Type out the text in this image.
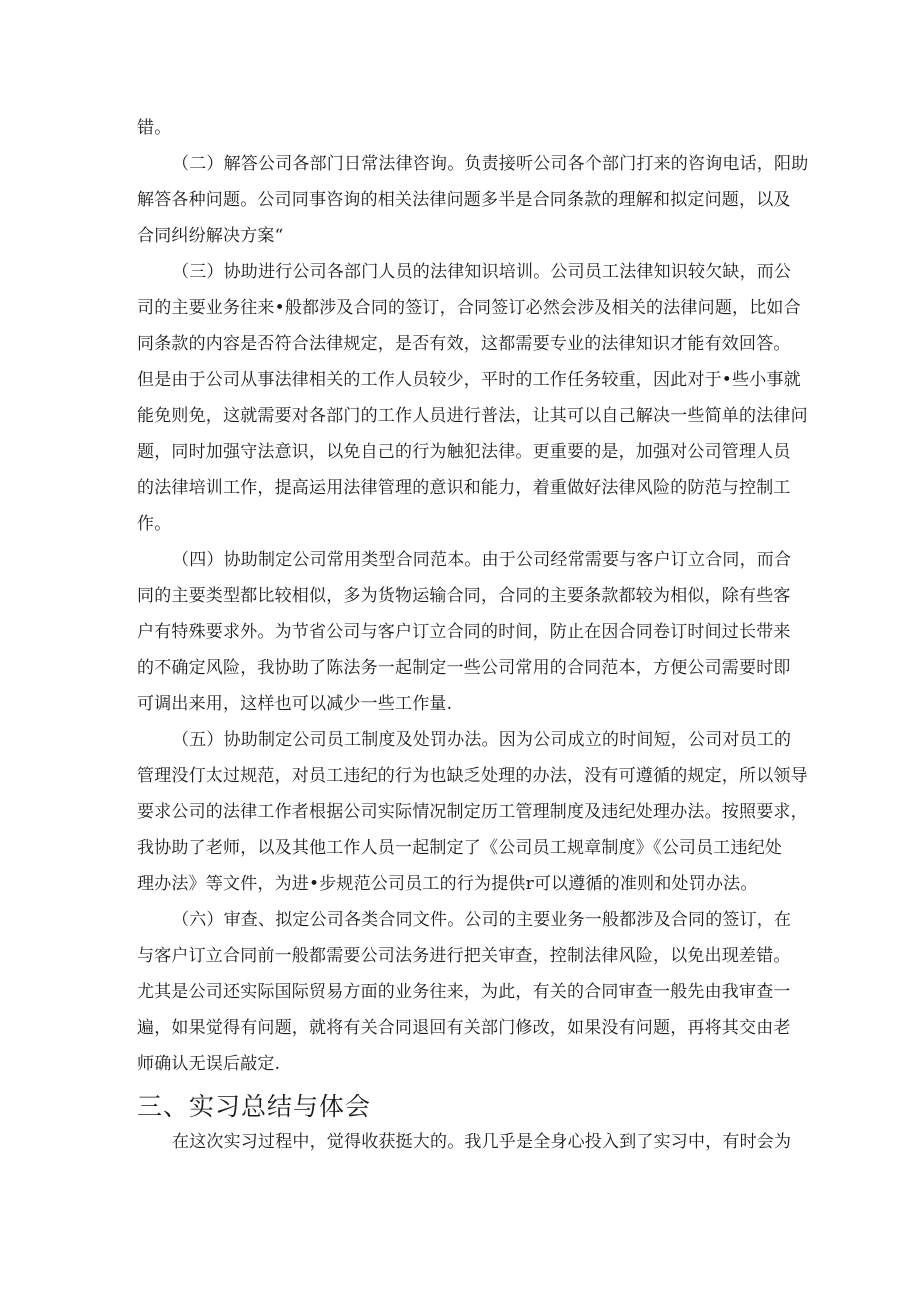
错。
（二）解答公司各部门日常法律咨询。负责接听公司各个部门打来的咨询电话，阳助
解答各种问题。公司同事咨询的相关法律问题多半是合同条款的理解和拟定问题，以及
合同纠纷解决方案“
（三）协助进行公司各部门人员的法律知识培训。公司员工法律知识较欠缺，而公
司的主要业务往来•般都涉及合同的签订，合同签订必然会涉及相关的法律问题，比如合
同条款的内容是否符合法律规定，是否有效，这都需要专业的法律知识才能有效回答。
但是由于公司从事法律相关的工作人员较少，平时的工作任务较重，因此对于•些小事就
能免则免，这就需要对各部门的工作人员进行普法，让其可以自己解决一些简单的法律问
题，同时加强守法意识，以免自己的行为触犯法律。更重要的是，加强对公司管理人员
的法律培训工作，提高运用法律管理的意识和能力，着重做好法律风险的防范与控制工
作。
（四）协助制定公司常用类型合同范本。由于公司经常需要与客户订立合同，而合
同的主要类型都比较相似，多为货物运输合同，合同的主要条款都较为相似，除有些客
户有特殊要求外。为节省公司与客户订立合同的时间，防止在因合同卷订时间过长带来
的不确定风险，我协助了陈法务一起制定一些公司常用的合同范本，方便公司需要时即
可调出来用，这样也可以减少一些工作量.
（五）协助制定公司员工制度及处罚办法。因为公司成立的时间短，公司对员工的
管理没仃太过规范，对员工违纪的行为也缺乏处理的办法，没有可遵循的规定，所以领导
要求公司的法律工作者根据公司实际情况制定历工管理制度及违纪处理办法。按照要求，
我协助了老师，以及其他工作人员一起制定了《公司员工规章制度》《公司员工违纪处
理办法》等文件，为进•步规范公司员工的行为提供r可以遵循的准则和处罚办法。
（六）审查、拟定公司各类合同文件。公司的主要业务一般都涉及合同的签订，在
与客户订立合同前一般都需要公司法务进行把关审查，控制法律风险，以免出现差错。
尤其是公司还实际国际贸易方面的业务往来，为此，有关的合同审查一般先由我审查一
遍，如果觉得有问题，就将有关合同退回有关部门修改，如果没有问题，再将其交由老
师确认无误后敲定.
三、实习总结与体会
在这次实习过程中，觉得收获挺大的。我几乎是全身心投入到了实习中，有时会为
